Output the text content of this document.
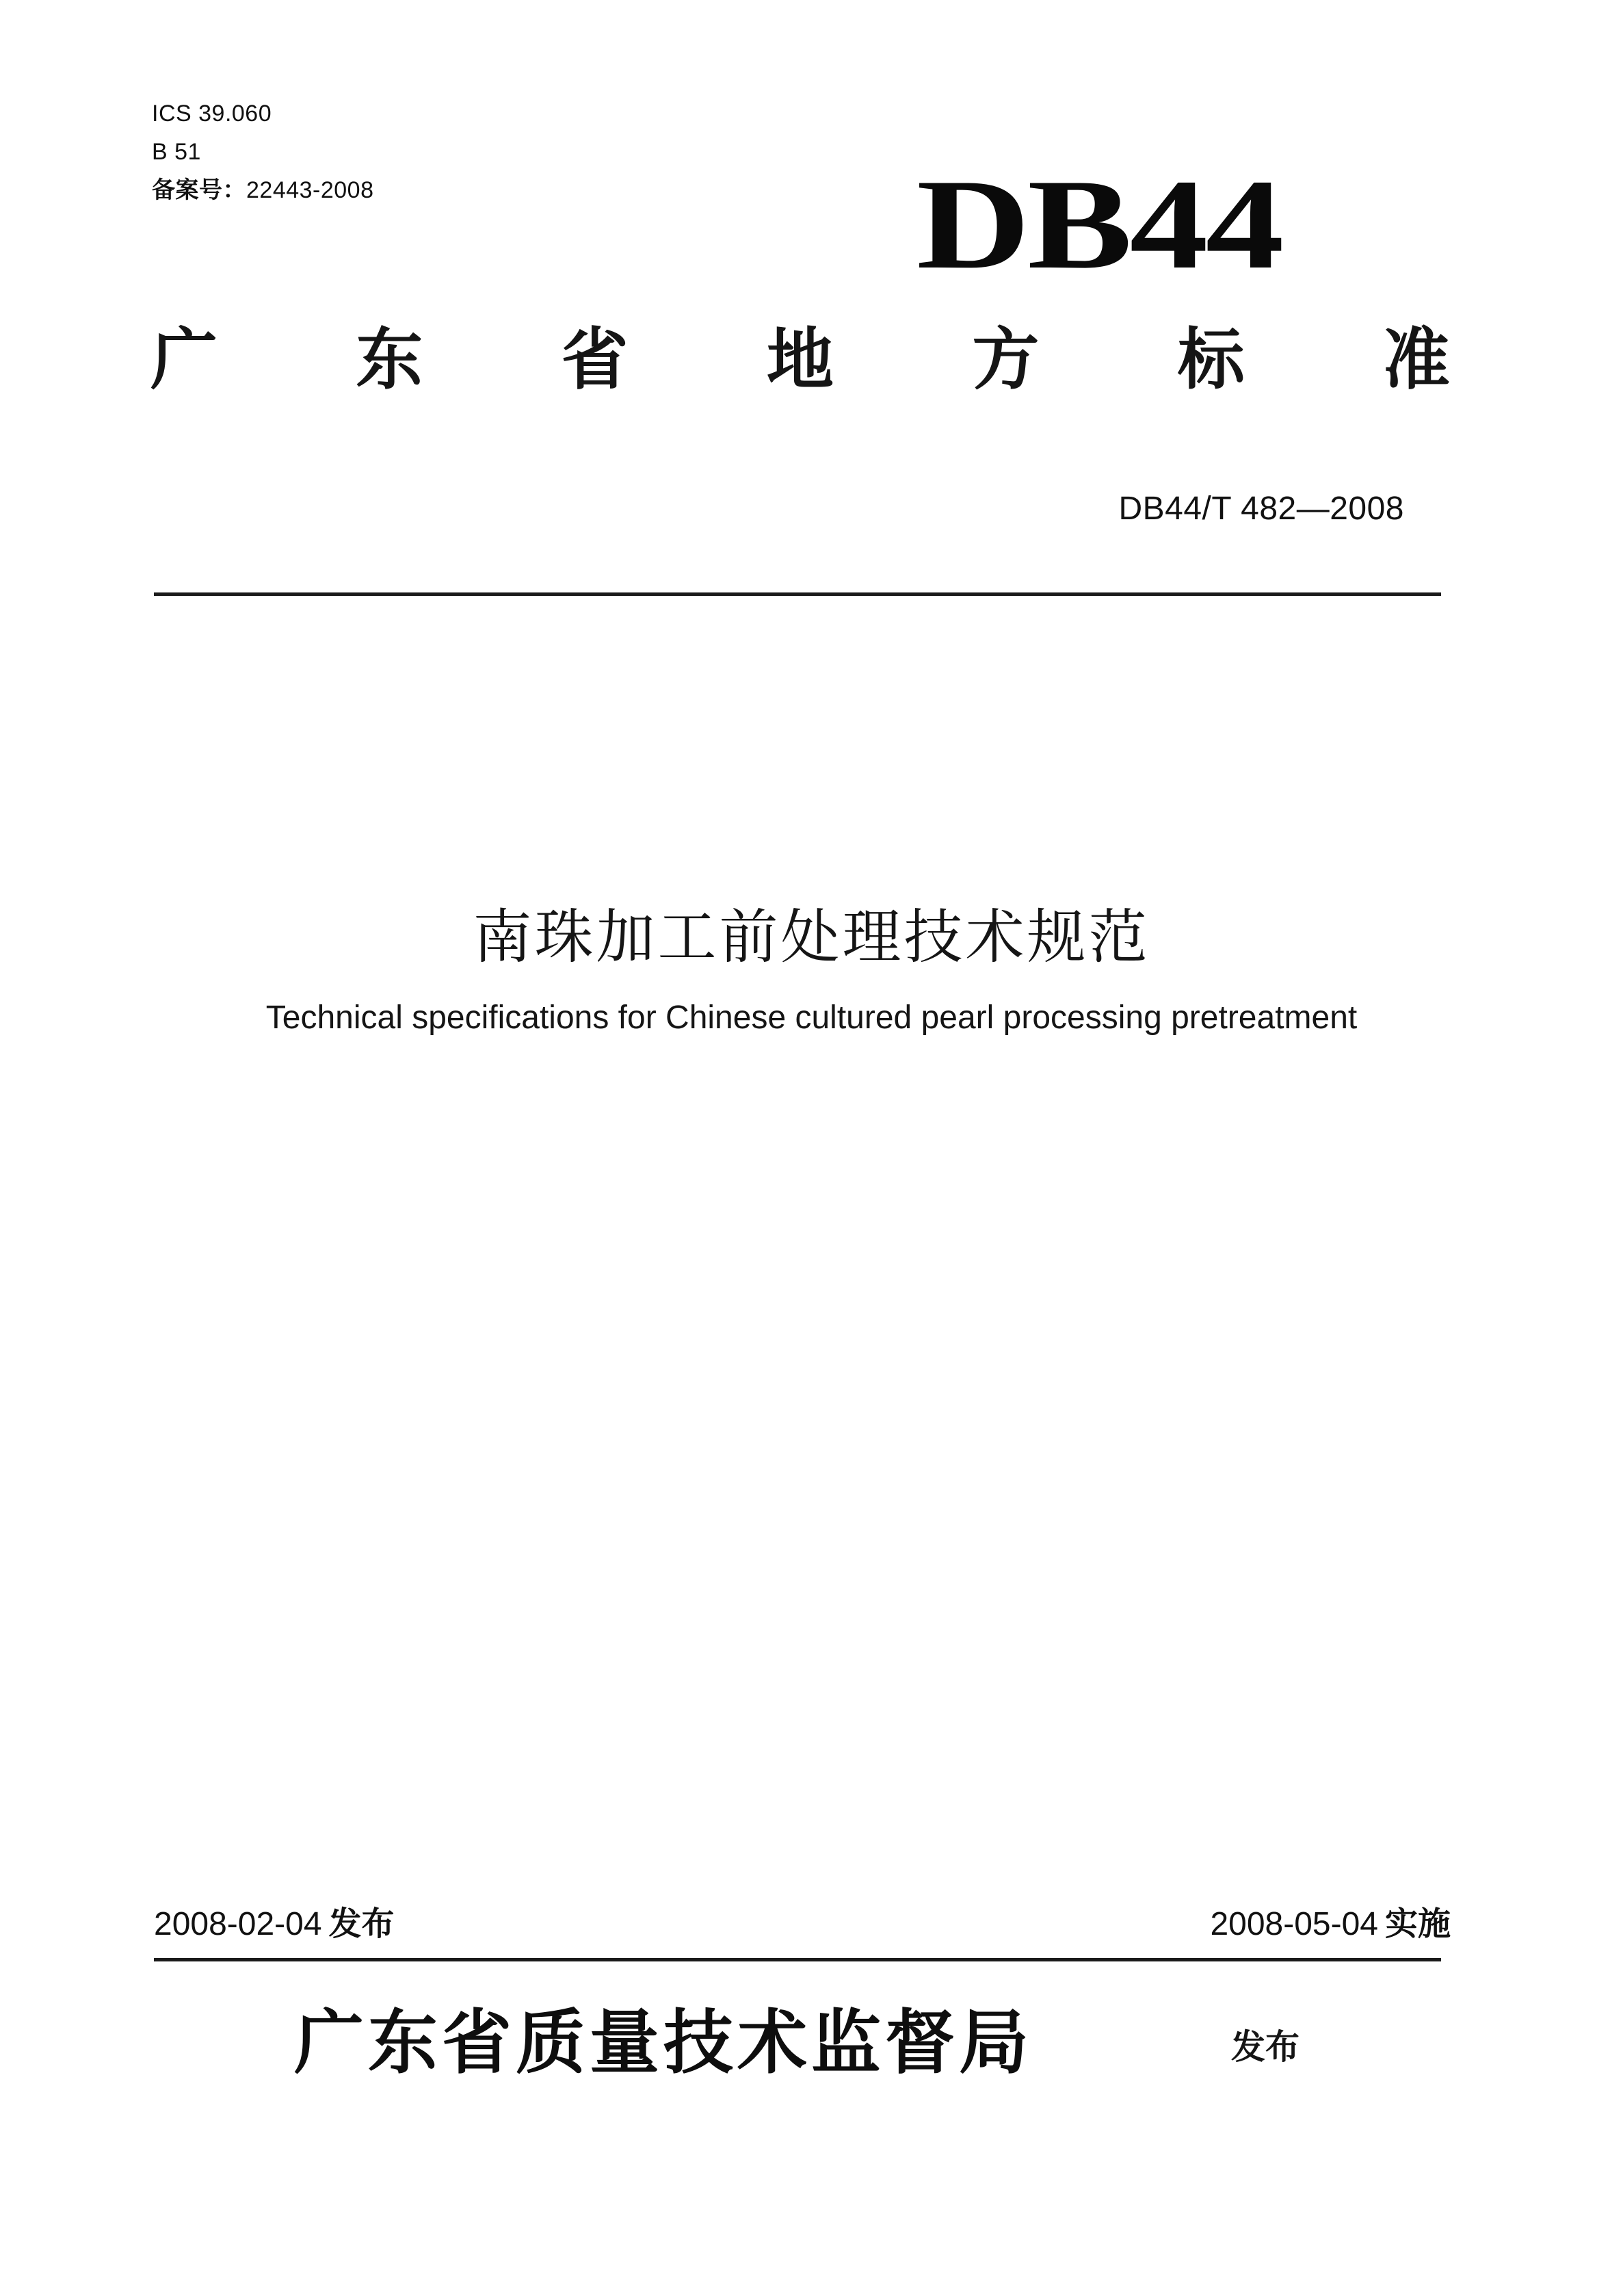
ICS 39.060
B 51
备案号：22443-2008	DB44
广 东 省 地 方 标 准
DB44/T 482—2008
南珠加工前处理技术规范
Technical specifications for Chinese cultured pearl processing pretreatment
2008-02-04 发布	2008-05-04 实施
广东省质量技术监督局	发布
